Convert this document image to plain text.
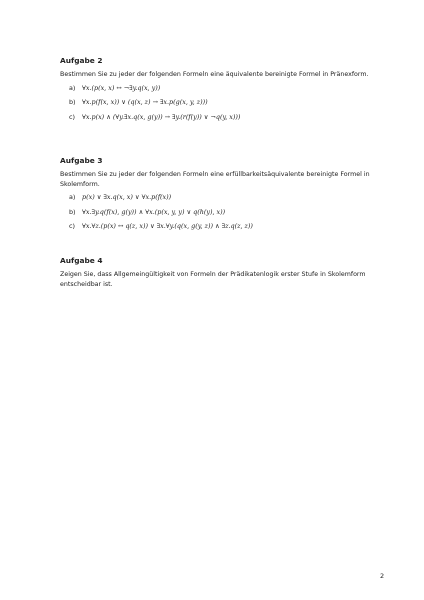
Aufgabe 2

Bestimmen Sie zu jeder der folgenden Formeln eine äquivalente bereinigte Formel in Pränexform.

a) ∀x.(p(x, x) ↔ ¬∃y.q(x, y))
b) ∀x.p(f(x, x)) ∨ (q(x, z) → ∃x.p(g(x, y, z)))
c) ∀x.p(x) ∧ (∀y.∃x.q(x, g(y)) → ∃y.(r(f(y)) ∨ ¬q(y, x)))
Aufgabe 3

Bestimmen Sie zu jeder der folgenden Formeln eine erfüllbarkeitsäquivalente bereinigte Formel in Skolemform.

a) p(x) ∨ ∃x.q(x, x) ∨ ∀x.p(f(x))
b) ∀x.∃y.q(f(x), g(y)) ∧ ∀x.(p(x, y, y) ∨ q(h(y), x))
c) ∀x.∀z.(p(x) ↔ q(z, x)) ∨ ∃x.∀y.(q(x, g(y, z)) ∧ ∃z.q(z, z))
Aufgabe 4

Zeigen Sie, dass Allgemeingültigkeit von Formeln der Prädikatenlogik erster Stufe in Skolemform entscheidbar ist.

2
